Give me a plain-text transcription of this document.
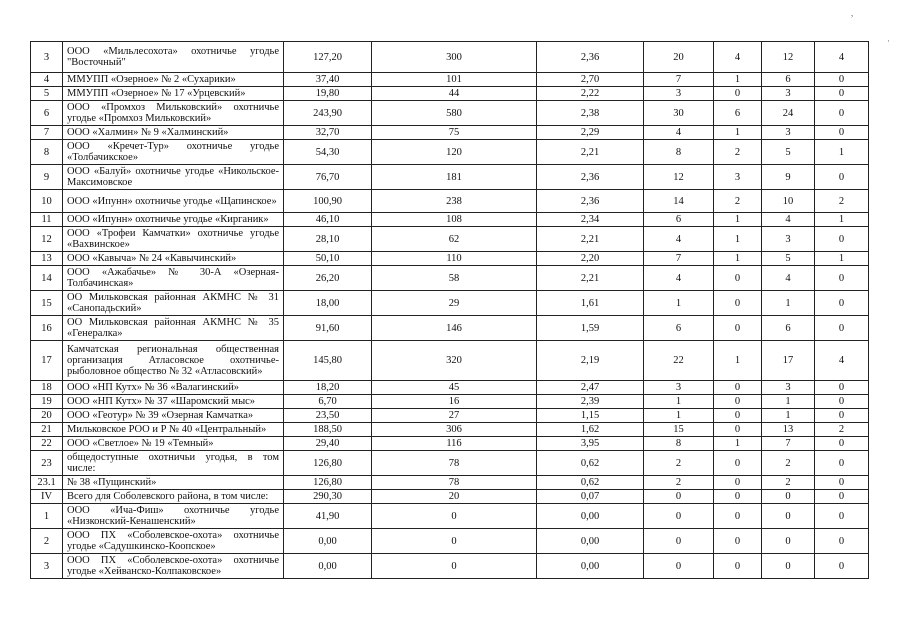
,
·
3	ООО «Мильлесохота» охотничье угодье "Восточный"	127,20	300	2,36	20	4	12	4
4	ММУПП «Озерное» № 2 «Сухарики»	37,40	101	2,70	7	1	6	0
5	ММУПП «Озерное» № 17 «Урцевский»	19,80	44	2,22	3	0	3	0
6	ООО «Промхоз Мильковский» охотничье угодье «Промхоз Мильковский»	243,90	580	2,38	30	6	24	0
7	ООО «Халмин» № 9 «Халминский»	32,70	75	2,29	4	1	3	0
8	ООО «Кречет-Тур» охотничье угодье «Толбачикское»	54,30	120	2,21	8	2	5	1
9	ООО «Балуй» охотничье угодье «Никольское-Максимовское	76,70	181	2,36	12	3	9	0
10	ООО «Ипунн» охотничье угодье «Щапинское»	100,90	238	2,36	14	2	10	2
11	ООО «Ипунн» охотничье угодье «Кирганик»	46,10	108	2,34	6	1	4	1
12	ООО «Трофеи Камчатки» охотничье угодье «Вахвинское»	28,10	62	2,21	4	1	3	0
13	ООО «Кавыча» № 24 «Кавычинский»	50,10	110	2,20	7	1	5	1
14	ООО «Ажабачье» № 30-А «Озерная- Толбачинская»	26,20	58	2,21	4	0	4	0
15	ОО Мильковская районная АКМНС № 31 «Санопадьский»	18,00	29	1,61	1	0	1	0
16	ОО Мильковская районная АКМНС № 35 «Генералка»	91,60	146	1,59	6	0	6	0
17	Камчатская региональная общественная организация Атласовское охотничье-рыболовное общество № 32 «Атласовский»	145,80	320	2,19	22	1	17	4
18	ООО «НП Кутх» № 36 «Валагинский»	18,20	45	2,47	3	0	3	0
19	ООО «НП Кутх» № 37 «Шаромский мыс»	6,70	16	2,39	1	0	1	0
20	ООО «Геотур» № 39 «Озерная Камчатка»	23,50	27	1,15	1	0	1	0
21	Мильковское РОО и Р № 40 «Центральный»	188,50	306	1,62	15	0	13	2
22	ООО «Светлое» № 19 «Темный»	29,40	116	3,95	8	1	7	0
23	общедоступные охотничьи угодья, в том числе:	126,80	78	0,62	2	0	2	0
23.1	№ 38 «Пущинский»	126,80	78	0,62	2	0	2	0
IV	Всего для Соболевского района, в том числе:	290,30	20	0,07	0	0	0	0
1	ООО «Ича-Фиш» охотничье угодье «Низконский-Кенашенский»	41,90	0	0,00	0	0	0	0
2	ООО ПХ «Соболевское-охота» охотничье угодье «Садушкинско-Коопское»	0,00	0	0,00	0	0	0	0
3	ООО ПХ «Соболевское-охота» охотничье угодье «Хейванско-Колпаковское»	0,00	0	0,00	0	0	0	0
